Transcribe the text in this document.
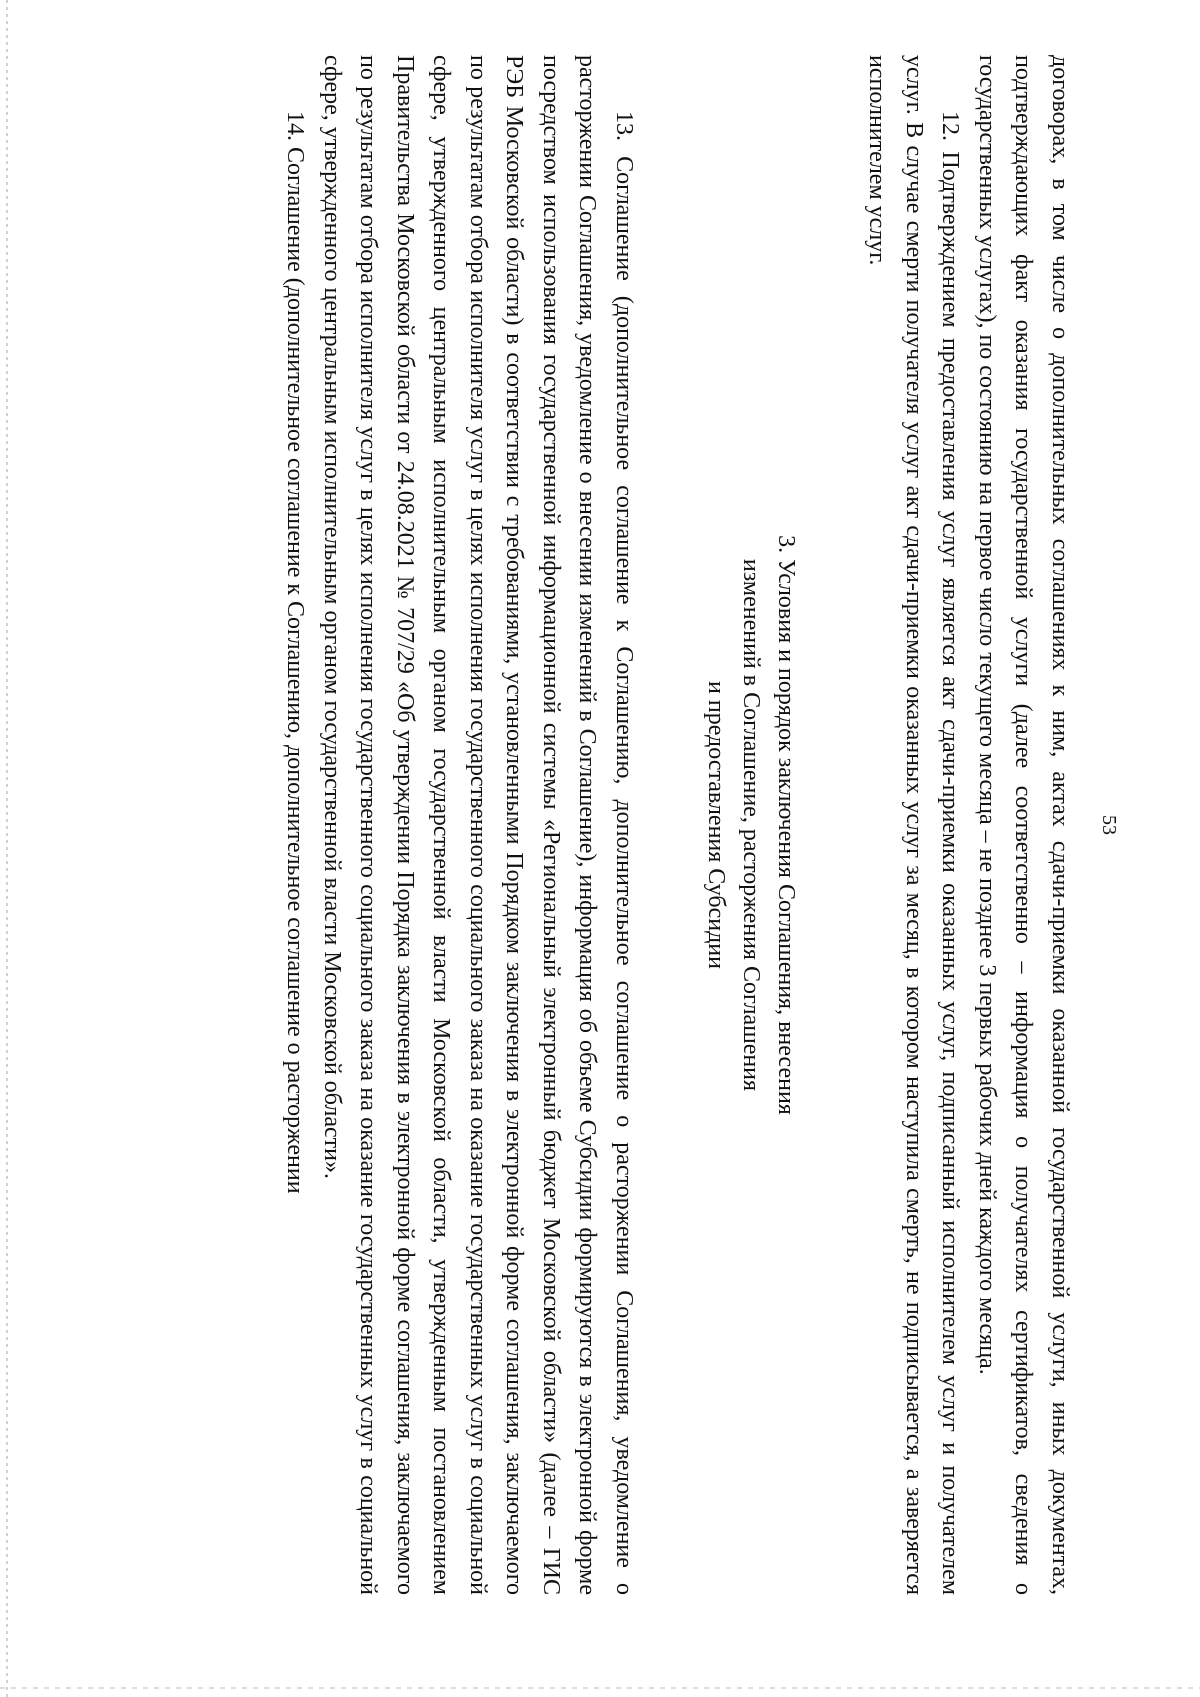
53

договорах, в том числе о дополнительных соглашениях к ним, актах сдачи-приемки оказанной государственной услуги, иных документах, подтверждающих факт оказания государственной услуги (далее соответственно – информация о получателях сертификатов, сведения о государственных услугах), по состоянию на первое число текущего месяца – не позднее 3 первых рабочих дней каждого месяца.

12. Подтверждением предоставления услуг является акт сдачи-приемки оказанных услуг, подписанный исполнителем услуг и получателем услуг. В случае смерти получателя услуг акт сдачи-приемки оказанных услуг за месяц, в котором наступила смерть, не подписывается, а заверяется исполнителем услуг.

3. Условия и порядок заключения Соглашения, внесения
изменений в Соглашение, расторжения Соглашения
и предоставления Субсидии

13. Соглашение (дополнительное соглашение к Соглашению, дополнительное соглашение о расторжении Соглашения, уведомление о расторжении Соглашения, уведомление о внесении изменений в Соглашение), информация об объеме Субсидии формируются в электронной форме посредством использования государственной информационной системы «Региональный электронный бюджет Московской области» (далее – ГИС РЭБ Московской области) в соответствии с требованиями, установленными Порядком заключения в электронной форме соглашения, заключаемого по результатам отбора исполнителя услуг в целях исполнения государственного социального заказа на оказание государственных услуг в социальной сфере, утвержденного центральным исполнительным органом государственной власти Московской области, утвержденным постановлением Правительства Московской области от 24.08.2021 № 707/29 «Об утверждении Порядка заключения в электронной форме соглашения, заключаемого по результатам отбора исполнителя услуг в целях исполнения государственного социального заказа на оказание государственных услуг в социальной сфере, утвержденного центральным исполнительным органом государственной власти Московской области».

14. Соглашение (дополнительное соглашение к Соглашению, дополнительное соглашение о расторжении
